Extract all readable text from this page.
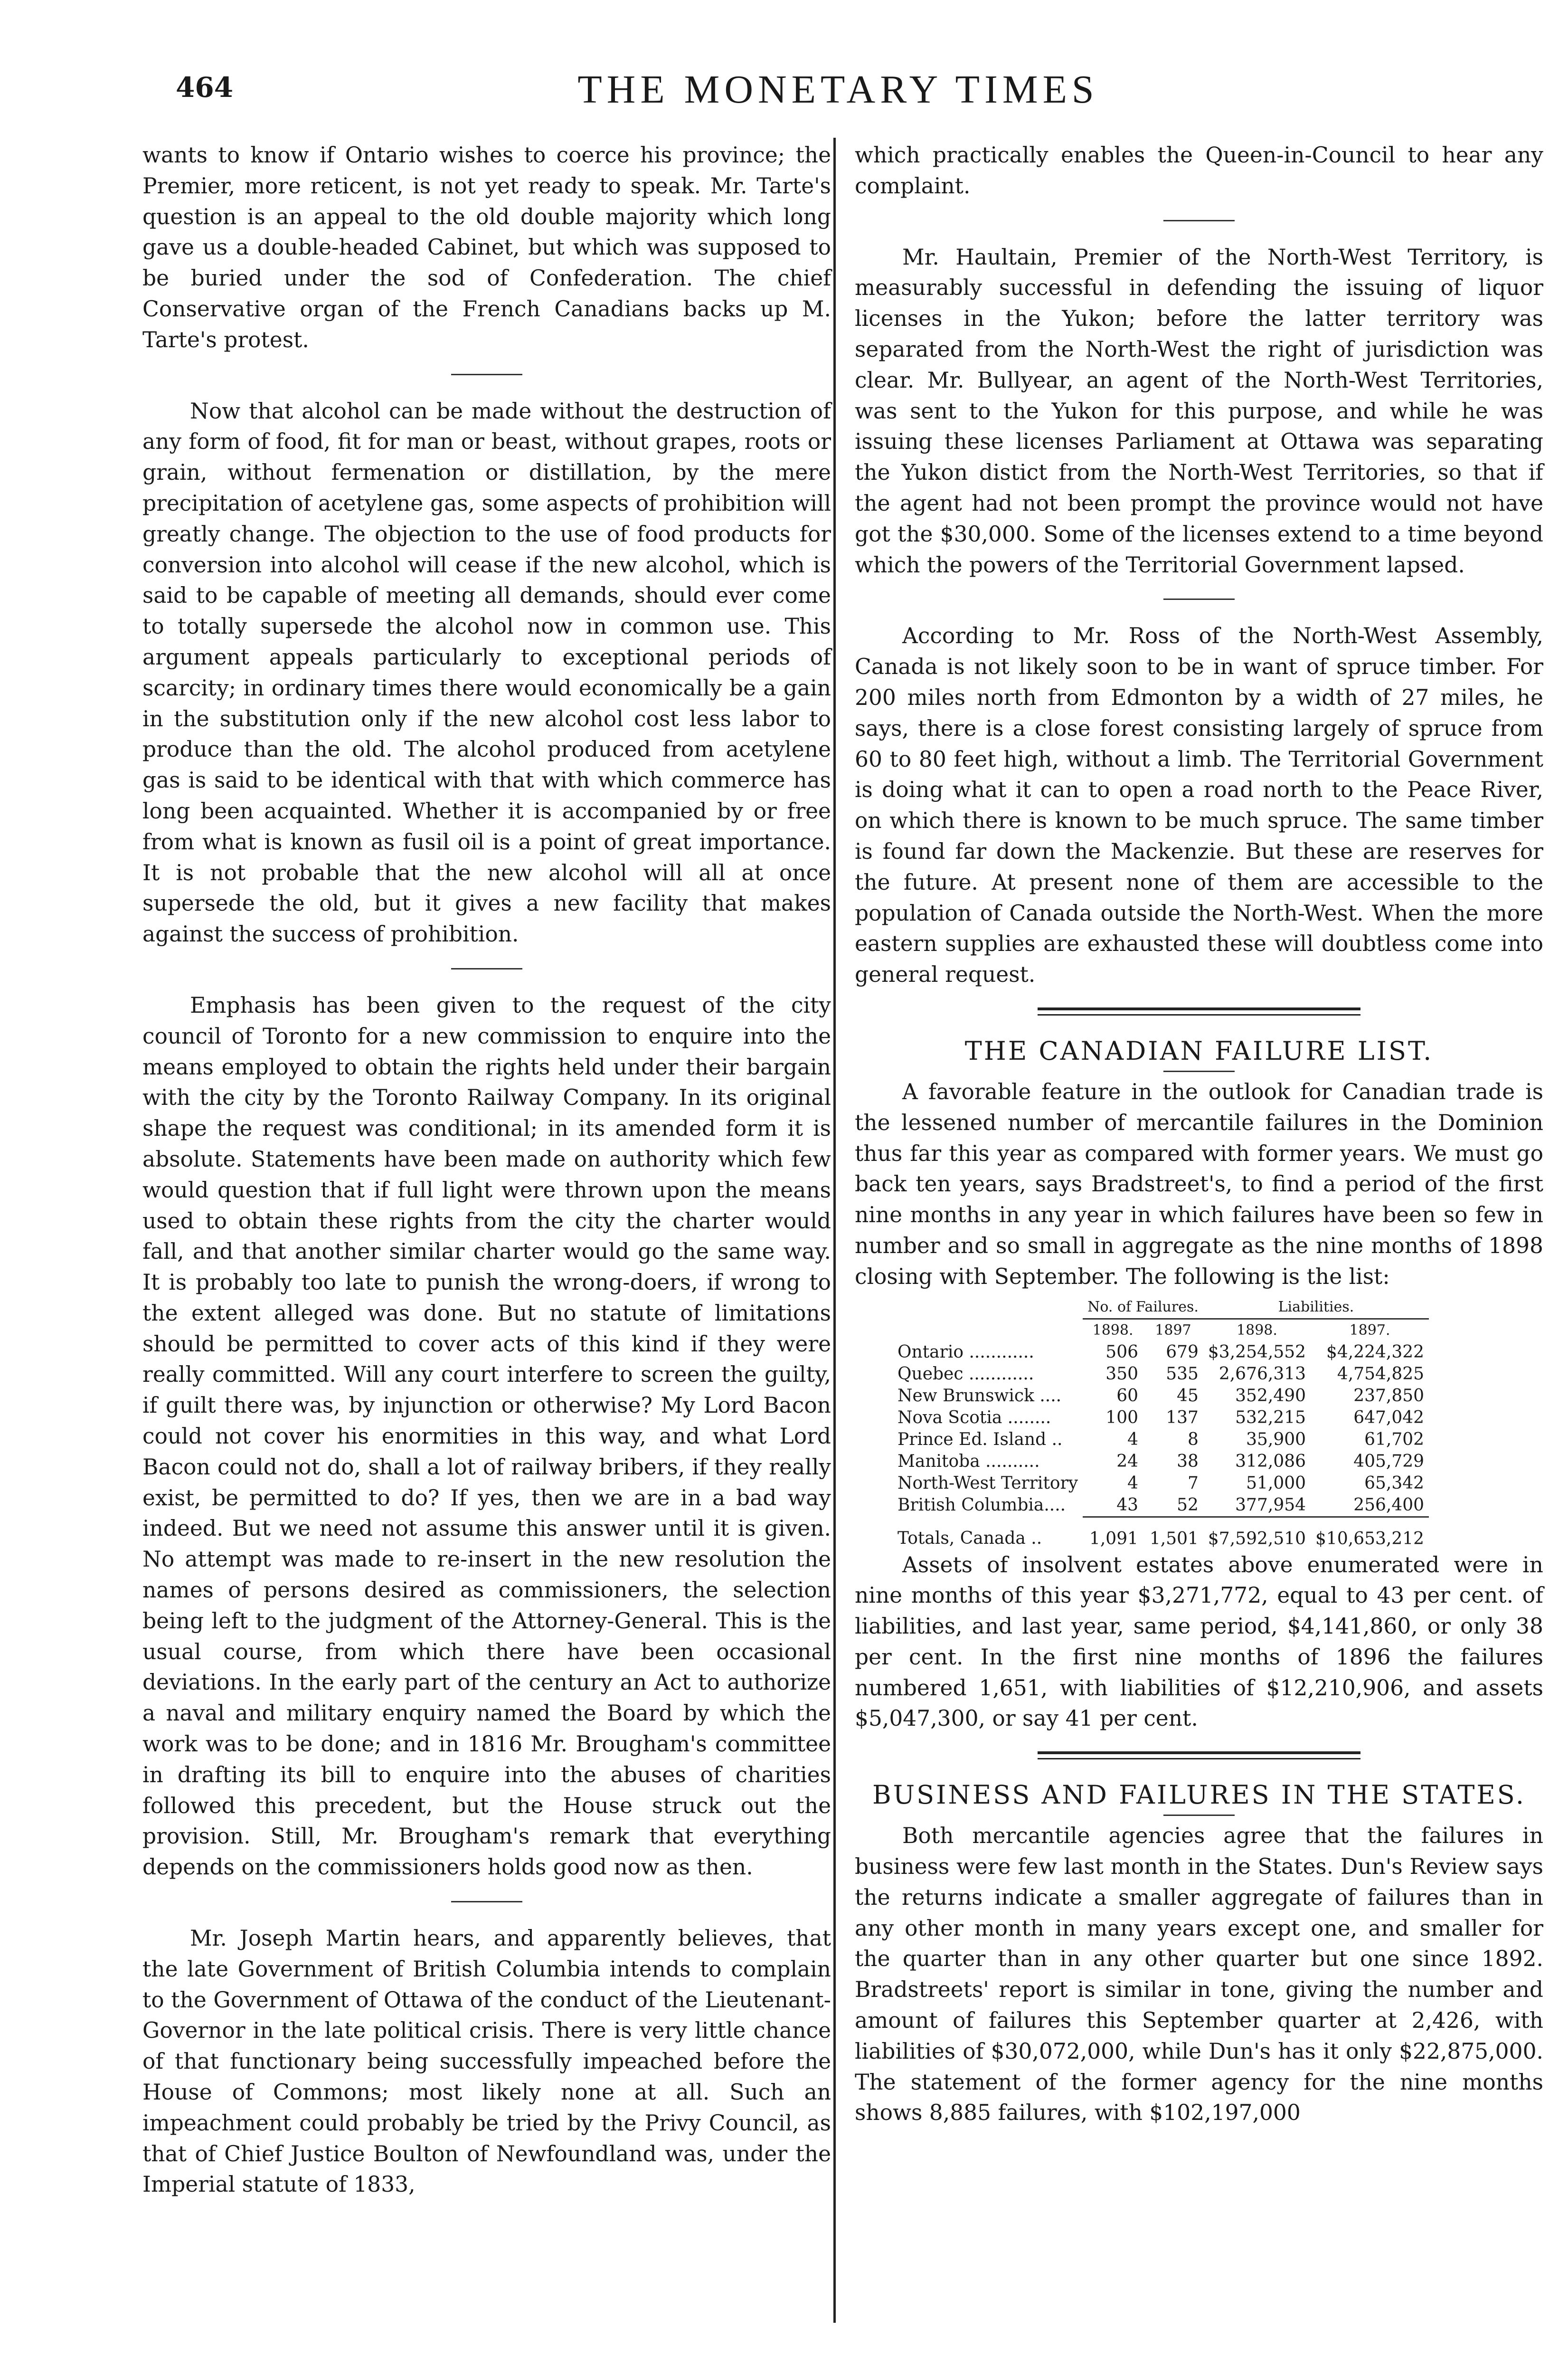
464	THE MONETARY TIMES

wants to know if Ontario wishes to coerce his province; the Premier, more reticent, is not yet ready to speak. Mr. Tarte's question is an appeal to the old double majority which long gave us a double-headed Cabinet, but which was supposed to be buried under the sod of Confederation. The chief Conservative organ of the French Canadians backs up M. Tarte's protest.

Now that alcohol can be made without the destruction of any form of food, fit for man or beast, without grapes, roots or grain, without fermenation or distillation, by the mere precipitation of acetylene gas, some aspects of prohibition will greatly change. The objection to the use of food products for conversion into alcohol will cease if the new alcohol, which is said to be capable of meeting all demands, should ever come to totally supersede the alcohol now in common use. This argument appeals particularly to exceptional periods of scarcity; in ordinary times there would economically be a gain in the substitution only if the new alcohol cost less labor to produce than the old. The alcohol produced from acetylene gas is said to be identical with that with which commerce has long been acquainted. Whether it is accompanied by or free from what is known as fusil oil is a point of great importance. It is not probable that the new alcohol will all at once supersede the old, but it gives a new facility that makes against the success of prohibition.

Emphasis has been given to the request of the city council of Toronto for a new commission to enquire into the means employed to obtain the rights held under their bargain with the city by the Toronto Railway Company. In its original shape the request was conditional; in its amended form it is absolute. Statements have been made on authority which few would question that if full light were thrown upon the means used to obtain these rights from the city the charter would fall, and that another similar charter would go the same way. It is probably too late to punish the wrong-doers, if wrong to the extent alleged was done. But no statute of limitations should be permitted to cover acts of this kind if they were really committed. Will any court interfere to screen the guilty, if guilt there was, by injunction or otherwise? My Lord Bacon could not cover his enormities in this way, and what Lord Bacon could not do, shall a lot of railway bribers, if they really exist, be permitted to do? If yes, then we are in a bad way indeed. But we need not assume this answer until it is given. No attempt was made to re-insert in the new resolution the names of persons desired as commissioners, the selection being left to the judgment of the Attorney-General. This is the usual course, from which there have been occasional deviations. In the early part of the century an Act to authorize a naval and military enquiry named the Board by which the work was to be done; and in 1816 Mr. Brougham's committee in drafting its bill to enquire into the abuses of charities followed this precedent, but the House struck out the provision. Still, Mr. Brougham's remark that everything depends on the commissioners holds good now as then.

Mr. Joseph Martin hears, and apparently believes, that the late Government of British Columbia intends to complain to the Government of Ottawa of the conduct of the Lieutenant-Governor in the late political crisis. There is very little chance of that functionary being successfully impeached before the House of Commons; most likely none at all. Such an impeachment could probably be tried by the Privy Council, as that of Chief Justice Boulton of Newfoundland was, under the Imperial statute of 1833,

which practically enables the Queen-in-Council to hear any complaint.

Mr. Haultain, Premier of the North-West Territory, is measurably successful in defending the issuing of liquor licenses in the Yukon; before the latter territory was separated from the North-West the right of jurisdiction was clear. Mr. Bullyear, an agent of the North-West Territories, was sent to the Yukon for this purpose, and while he was issuing these licenses Parliament at Ottawa was separating the Yukon distict from the North-West Territories, so that if the agent had not been prompt the province would not have got the $30,000. Some of the licenses extend to a time beyond which the powers of the Territorial Government lapsed.

According to Mr. Ross of the North-West Assembly, Canada is not likely soon to be in want of spruce timber. For 200 miles north from Edmonton by a width of 27 miles, he says, there is a close forest consisting largely of spruce from 60 to 80 feet high, without a limb. The Territorial Government is doing what it can to open a road north to the Peace River, on which there is known to be much spruce. The same timber is found far down the Mackenzie. But these are reserves for the future. At present none of them are accessible to the population of Canada outside the North-West. When the more eastern supplies are exhausted these will doubtless come into general request.

THE CANADIAN FAILURE LIST.

A favorable feature in the outlook for Canadian trade is the lessened number of mercantile failures in the Dominion thus far this year as compared with former years. We must go back ten years, says Bradstreet's, to find a period of the first nine months in any year in which failures have been so few in number and so small in aggregate as the nine months of 1898 closing with September. The following is the list:

	No. of Failures.		Liabilities.	
	1898.	1897	1898.	1897.
Ontario ............	506	679	$3,254,552	$4,224,322
Quebec ............	350	535	2,676,313	4,754,825
New Brunswick ....	60	45	352,490	237,850
Nova Scotia ........	100	137	532,215	647,042
Prince Ed. Island ..	4	8	35,900	61,702
Manitoba ..........	24	38	312,086	405,729
North-West Territory	4	7	51,000	65,342
British Columbia....	43	52	377,954	256,400
Totals, Canada ..	1,091	1,501	$7,592,510	$10,653,212

Assets of insolvent estates above enumerated were in nine months of this year $3,271,772, equal to 43 per cent. of liabilities, and last year, same period, $4,141,860, or only 38 per cent. In the first nine months of 1896 the failures numbered 1,651, with liabilities of $12,210,906, and assets $5,047,300, or say 41 per cent.

BUSINESS AND FAILURES IN THE STATES.

Both mercantile agencies agree that the failures in business were few last month in the States. Dun's Review says the returns indicate a smaller aggregate of failures than in any other month in many years except one, and smaller for the quarter than in any other quarter but one since 1892. Bradstreets' report is similar in tone, giving the number and amount of failures this September quarter at 2,426, with liabilities of $30,072,000, while Dun's has it only $22,875,000. The statement of the former agency for the nine months shows 8,885 failures, with $102,197,000
